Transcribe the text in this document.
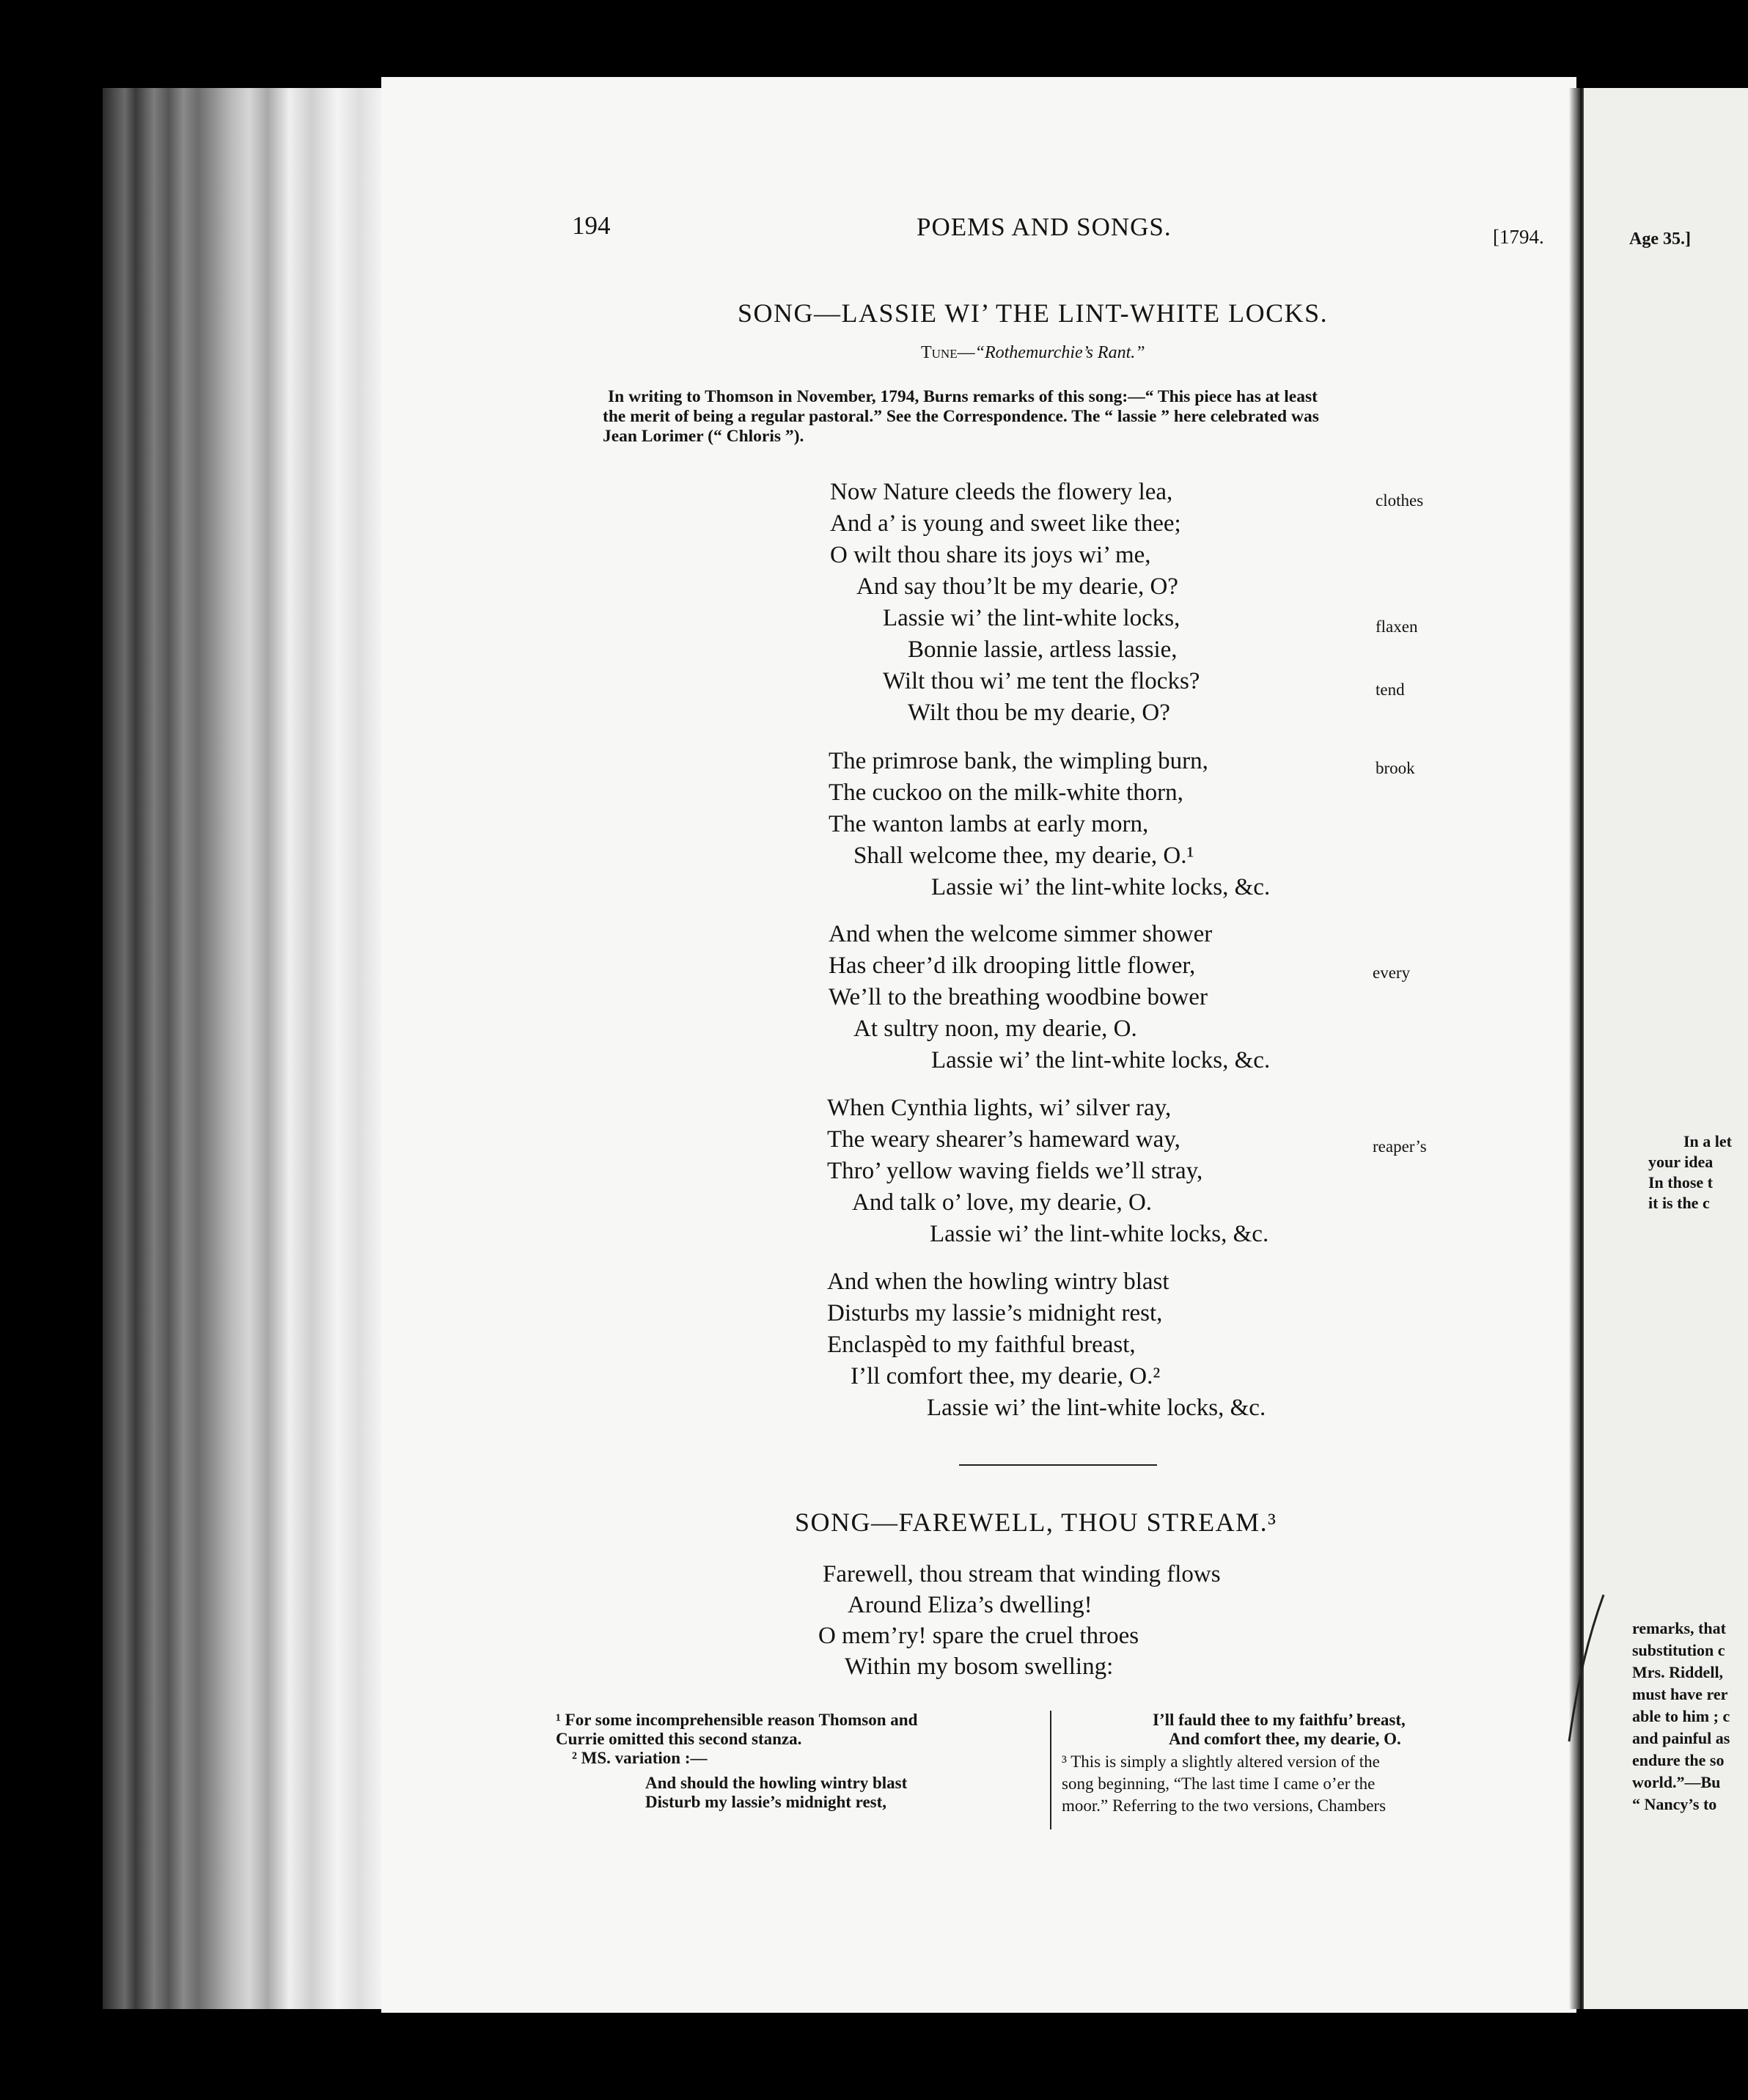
194	POEMS AND SONGS.	[1794.	Age 35.]
SONG—LASSIE WI’ THE LINT-WHITE LOCKS.
Tune—“Rothemurchie’s Rant.”
In writing to Thomson in November, 1794, Burns remarks of this song:—“ This piece has at least
the merit of being a regular pastoral.” See the Correspondence. The “ lassie ” here celebrated was
Jean Lorimer (“ Chloris ”).
Now Nature cleeds the flowery lea,
And a’ is young and sweet like thee;
O wilt thou share its joys wi’ me,
And say thou’lt be my dearie, O?
Lassie wi’ the lint-white locks,
Bonnie lassie, artless lassie,
Wilt thou wi’ me tent the flocks?
Wilt thou be my dearie, O?
The primrose bank, the wimpling burn,
The cuckoo on the milk-white thorn,
The wanton lambs at early morn,
Shall welcome thee, my dearie, O.¹
Lassie wi’ the lint-white locks, &c.
And when the welcome simmer shower
Has cheer’d ilk drooping little flower,
We’ll to the breathing woodbine bower
At sultry noon, my dearie, O.
Lassie wi’ the lint-white locks, &c.
When Cynthia lights, wi’ silver ray,
The weary shearer’s hameward way,
Thro’ yellow waving fields we’ll stray,
And talk o’ love, my dearie, O.
Lassie wi’ the lint-white locks, &c.
And when the howling wintry blast
Disturbs my lassie’s midnight rest,
Enclaspèd to my faithful breast,
I’ll comfort thee, my dearie, O.²
Lassie wi’ the lint-white locks, &c.
clothes
flaxen
tend
brook
every
reaper’s
SONG—FAREWELL, THOU STREAM.³
Farewell, thou stream that winding flows
Around Eliza’s dwelling!
O mem’ry! spare the cruel throes
Within my bosom swelling:
¹ For some incomprehensible reason Thomson and
Currie omitted this second stanza.
² MS. variation :—
And should the howling wintry blast
Disturb my lassie’s midnight rest,
I’ll fauld thee to my faithfu’ breast,
And comfort thee, my dearie, O.
³ This is simply a slightly altered version of the
song beginning, “The last time I came o’er the
moor.” Referring to the two versions, Chambers
In a let
your idea
In those t
it is the c
remarks, that
substitution c
Mrs. Riddell,
must have rer
able to him ; c
and painful as
endure the so
world.”—Bu
“ Nancy’s to
